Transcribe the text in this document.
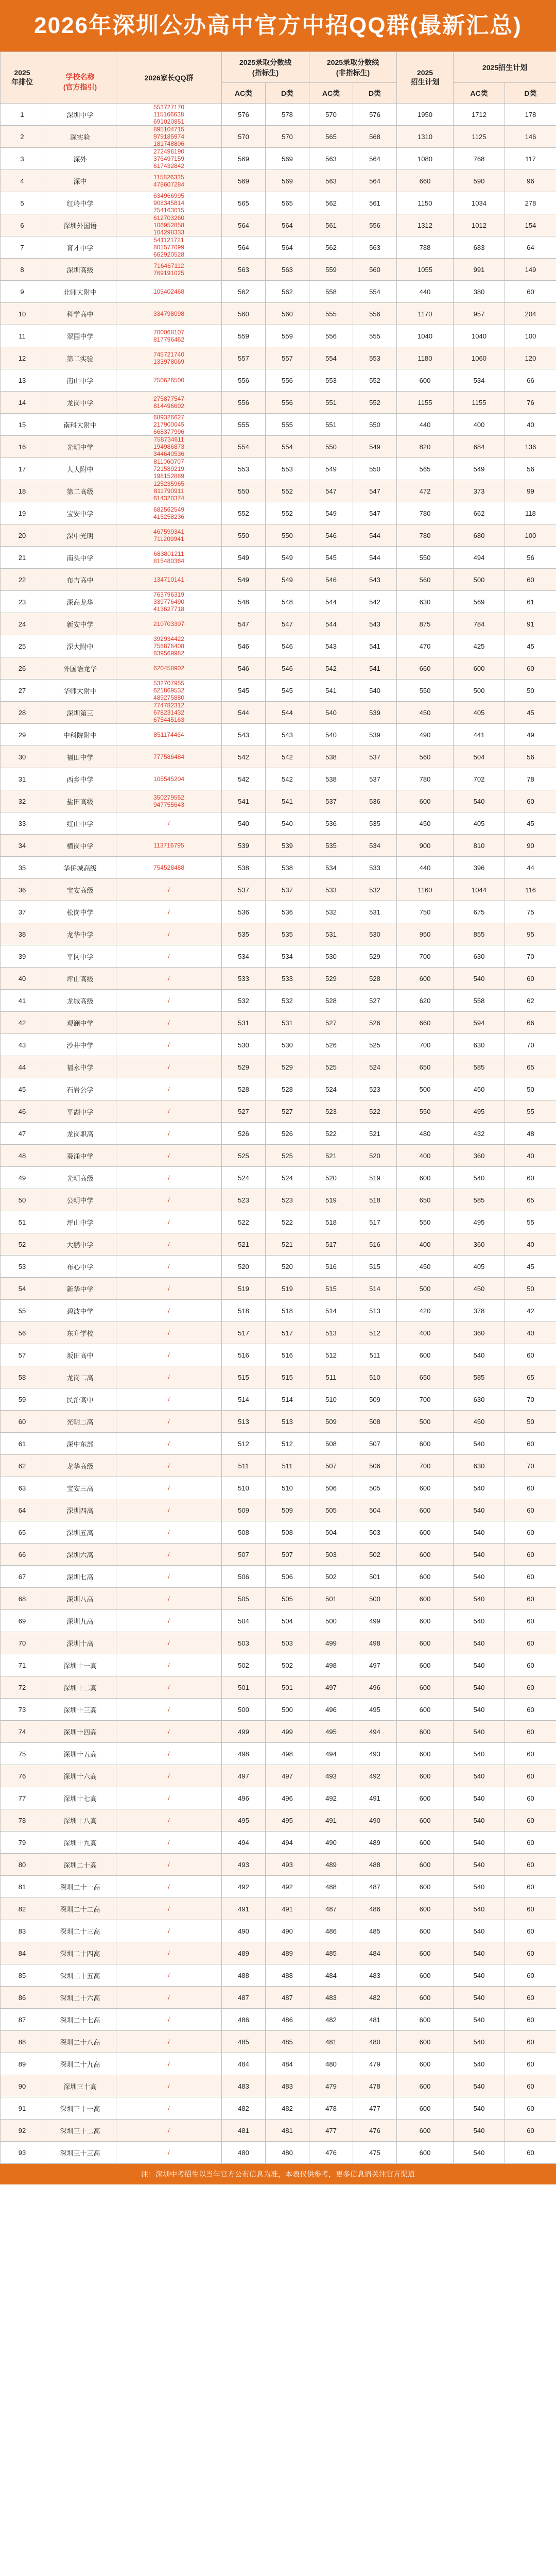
2026年深圳公办高中官方中招QQ群(最新汇总)
2025
年排位	学校名称
(官方指引)	2026家长QQ群	2025录取分数线
(指标生)		2025录取分数线
(非指标生)		2025
招生计划	2025招生计划	
			AC类	D类	AC类	D类		AC类	D类
1	深圳中学	553727170
115166638
691020851	576	578	570	576	1950	1712	178
2	深实验	895104715
979185974
181748806	570	570	565	568	1310	1125	146
3	深外	272496190
376497159
617432842	569	569	563	564	1080	768	117
4	深中	115826335
478607284	569	569	563	564	660	590	96
5	红岭中学	634966995
908345814
754163015	565	565	562	561	1150	1034	278
6	深圳外国语	612703260
106952858
104298333	564	564	561	556	1312	1012	154
7	育才中学	541121721
801577099
662920528	564	564	562	563	788	683	64
8	深圳高级	716467112
769191025	563	563	559	560	1055	991	149
9	北师大附中	105402468	562	562	558	554	440	380	60
10	科学高中	334798098	560	560	555	556	1170	957	204
11	翠园中学	700068107
817796462	559	559	556	555	1040	1040	100
12	第二实验	745721740
133978069	557	557	554	553	1180	1060	120
13	南山中学	750626500	556	556	553	552	600	534	66
14	龙岗中学	275877547
814496602	556	556	551	552	1155	1155	76
15	南科大附中	689326627
217900045
668377996	555	555	551	550	440	400	40
16	光明中学	758734611
194986873
344640536	554	554	550	549	820	684	136
17	人大附中	811060707
721589219
198152889	553	553	549	550	565	549	56
18	第二高级	125235965
811790911
614320374	550	552	547	547	472	373	99
19	宝安中学	682562549
415258236	552	552	549	547	780	662	118
20	深中光明	467599341
711209941	550	550	546	544	780	680	100
21	南头中学	683801211
815480364	549	549	545	544	550	494	56
22	布吉高中	134710141	549	549	546	543	560	500	60
23	深高龙华	763796319
339776490
413627718	548	548	544	542	630	569	61
24	新安中学	210703307	547	547	544	543	875	784	91
25	深大附中	392934422
756876408
839569982	546	546	543	541	470	425	45
26	外国语龙华	620458902	546	546	542	541	660	600	60
27	华师大附中	532707955
621869532
489275880	545	545	541	540	550	500	50
28	深圳第三	774782312
678231432
675445163	544	544	540	539	450	405	45
29	中科院附中	851174464	543	543	540	539	490	441	49
30	福田中学	777586484	542	542	538	537	560	504	56
31	西乡中学	105545204	542	542	538	537	780	702	78
32	盐田高级	350279552
947755643	541	541	537	536	600	540	60
33	红山中学	/	540	540	536	535	450	405	45
34	横岗中学	113716795	539	539	535	534	900	810	90
35	华侨城高级	754528488	538	538	534	533	440	396	44
36	宝安高级	/	537	537	533	532	1160	1044	116
37	松岗中学	/	536	536	532	531	750	675	75
38	龙华中学	/	535	535	531	530	950	855	95
39	平冈中学	/	534	534	530	529	700	630	70
40	坪山高级	/	533	533	529	528	600	540	60
41	龙城高级	/	532	532	528	527	620	558	62
42	观澜中学	/	531	531	527	526	660	594	66
43	沙井中学	/	530	530	526	525	700	630	70
44	福永中学	/	529	529	525	524	650	585	65
45	石岩公学	/	528	528	524	523	500	450	50
46	平湖中学	/	527	527	523	522	550	495	55
47	龙岗职高	/	526	526	522	521	480	432	48
48	葵涌中学	/	525	525	521	520	400	360	40
49	光明高级	/	524	524	520	519	600	540	60
50	公明中学	/	523	523	519	518	650	585	65
51	坪山中学	/	522	522	518	517	550	495	55
52	大鹏中学	/	521	521	517	516	400	360	40
53	布心中学	/	520	520	516	515	450	405	45
54	新华中学	/	519	519	515	514	500	450	50
55	碧波中学	/	518	518	514	513	420	378	42
56	东升学校	/	517	517	513	512	400	360	40
57	坂田高中	/	516	516	512	511	600	540	60
58	龙岗二高	/	515	515	511	510	650	585	65
59	民治高中	/	514	514	510	509	700	630	70
60	光明二高	/	513	513	509	508	500	450	50
61	深中东部	/	512	512	508	507	600	540	60
62	龙华高级	/	511	511	507	506	700	630	70
63	宝安三高	/	510	510	506	505	600	540	60
64	深圳四高	/	509	509	505	504	600	540	60
65	深圳五高	/	508	508	504	503	600	540	60
66	深圳六高	/	507	507	503	502	600	540	60
67	深圳七高	/	506	506	502	501	600	540	60
68	深圳八高	/	505	505	501	500	600	540	60
69	深圳九高	/	504	504	500	499	600	540	60
70	深圳十高	/	503	503	499	498	600	540	60
71	深圳十一高	/	502	502	498	497	600	540	60
72	深圳十二高	/	501	501	497	496	600	540	60
73	深圳十三高	/	500	500	496	495	600	540	60
74	深圳十四高	/	499	499	495	494	600	540	60
75	深圳十五高	/	498	498	494	493	600	540	60
76	深圳十六高	/	497	497	493	492	600	540	60
77	深圳十七高	/	496	496	492	491	600	540	60
78	深圳十八高	/	495	495	491	490	600	540	60
79	深圳十九高	/	494	494	490	489	600	540	60
80	深圳二十高	/	493	493	489	488	600	540	60
81	深圳二十一高	/	492	492	488	487	600	540	60
82	深圳二十二高	/	491	491	487	486	600	540	60
83	深圳二十三高	/	490	490	486	485	600	540	60
84	深圳二十四高	/	489	489	485	484	600	540	60
85	深圳二十五高	/	488	488	484	483	600	540	60
86	深圳二十六高	/	487	487	483	482	600	540	60
87	深圳二十七高	/	486	486	482	481	600	540	60
88	深圳二十八高	/	485	485	481	480	600	540	60
89	深圳二十九高	/	484	484	480	479	600	540	60
90	深圳三十高	/	483	483	479	478	600	540	60
91	深圳三十一高	/	482	482	478	477	600	540	60
92	深圳三十二高	/	481	481	477	476	600	540	60
93	深圳三十三高	/	480	480	476	475	600	540	60
注：深圳中考招生以当年官方公布信息为准，本表仅供参考，更多信息请关注官方渠道
